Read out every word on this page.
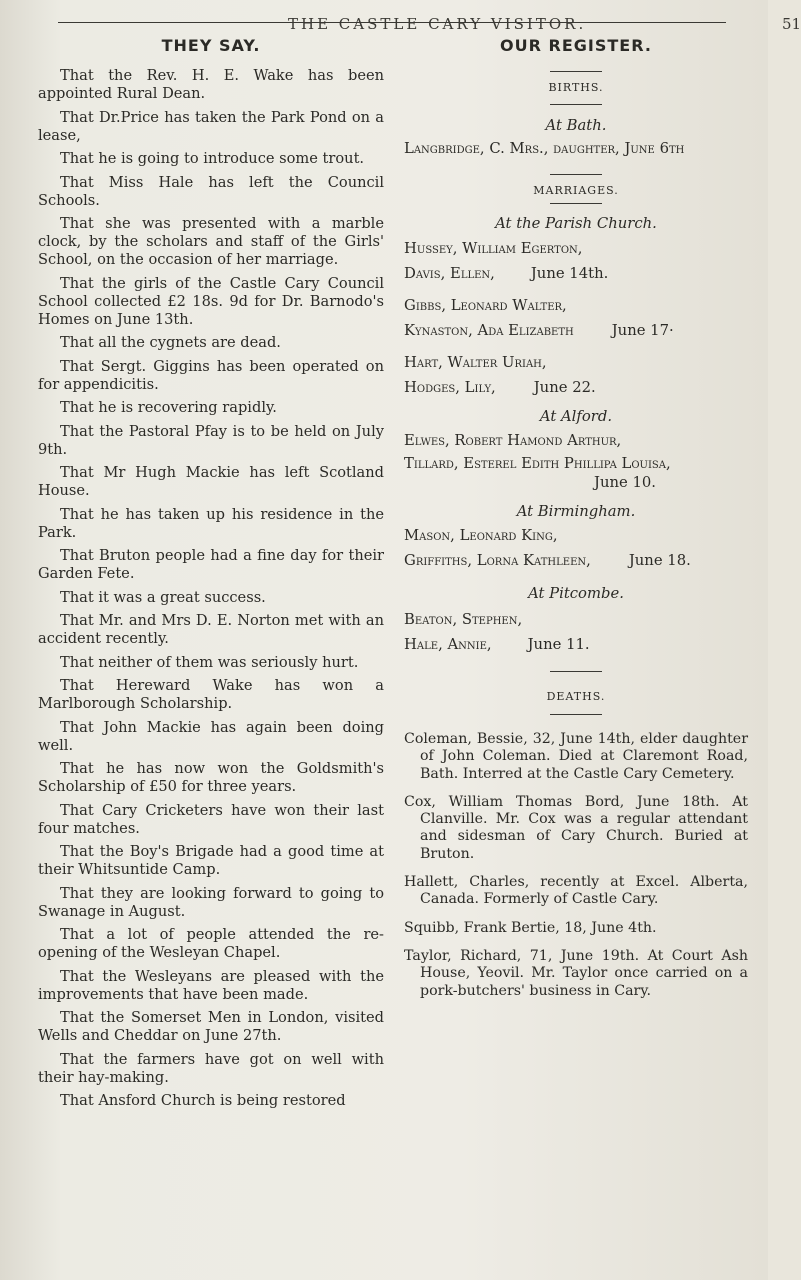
THE CASTLE CARY VISITOR.	51
THEY SAY.

That the Rev. H. E. Wake has been appointed Rural Dean.

That Dr.Price has taken the Park Pond on a lease,

That he is going to introduce some trout.

That Miss Hale has left the Council Schools.

That she was presented with a marble clock, by the scholars and staff of the Girls' School, on the occasion of her marriage.

That the girls of the Castle Cary Council School collected £2 18s. 9d for Dr. Barnodo's Homes on June 13th.

That all the cygnets are dead.

That Sergt. Giggins has been operated on for appendicitis.

That he is recovering rapidly.

That the Pastoral Pfay is to be held on July 9th.

That Mr Hugh Mackie has left Scotland House.

That he has taken up his residence in the Park.

That Bruton people had a fine day for their Garden Fete.

That it was a great success.

That Mr. and Mrs D. E. Norton met with an accident recently.

That neither of them was seriously hurt.

That Hereward Wake has won a Marlborough Scholarship.

That John Mackie has again been doing well.

That he has now won the Goldsmith's Scholarship of £50 for three years.

That Cary Cricketers have won their last four matches.

That the Boy's Brigade had a good time at their Whitsuntide Camp.

That they are looking forward to going to Swanage in August.

That a lot of people attended the re-opening of the Wesleyan Chapel.

That the Wesleyans are pleased with the improvements that have been made.

That the Somerset Men in London, visited Wells and Cheddar on June 27th.

That the farmers have got on well with their hay-making.

That Ansford Church is being restored

OUR REGISTER.
BIRTHS.
At Bath.
Langbridge, C. Mrs., daughter, June 6th
MARRIAGES.
At the Parish Church.
Hussey, William Egerton,
Davis, Ellen, June 14th.
Gibbs, Leonard Walter,
Kynaston, Ada Elizabeth	June 17·
Hart, Walter Uriah,
Hodges, Lily,	June 22.
At Alford.
Elwes, Robert Hamond Arthur,
Tillard, Esterel Edith Phillipa Louisa,
June 10.
At Birmingham.
Mason, Leonard King,
Griffiths, Lorna Kathleen,	June 18.
At Pitcombe.
Beaton, Stephen,
Hale, Annie, June 11.
DEATHS.
Coleman, Bessie, 32, June 14th, elder daughter of John Coleman. Died at Claremont Road, Bath. Interred at the Castle Cary Cemetery.
Cox, William Thomas Bord, June 18th. At Clanville. Mr. Cox was a regular attendant and sidesman of Cary Church. Buried at Bruton.
Hallett, Charles, recently at Excel. Alberta, Canada. Formerly of Castle Cary.
Squibb, Frank Bertie, 18, June 4th.
Taylor, Richard, 71, June 19th. At Court Ash House, Yeovil. Mr. Taylor once carried on a pork-butchers' business in Cary.
